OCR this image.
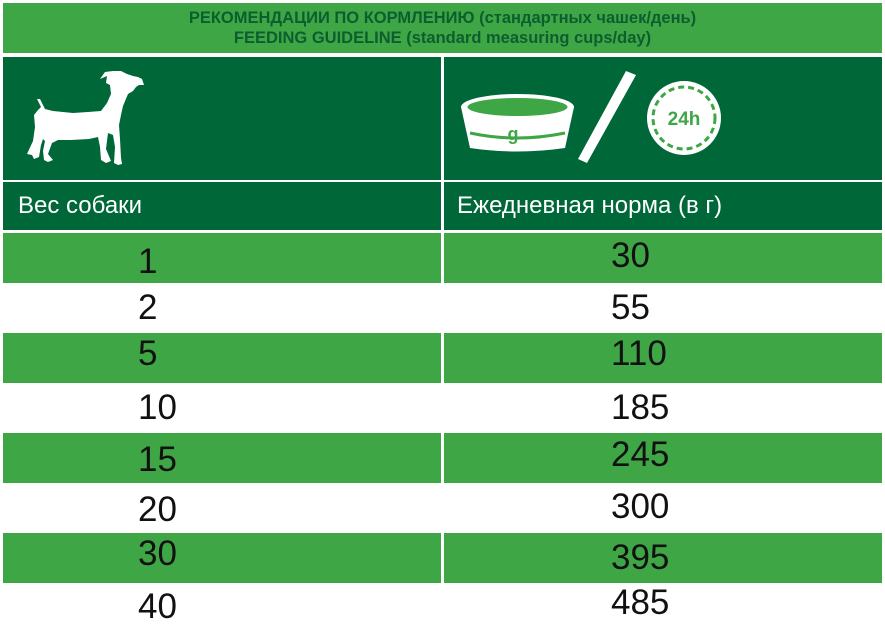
РЕКОМЕНДАЦИИ ПО КОРМЛЕНИЮ (стандартных чашек/день)
FEEDING GUIDELINE (standard measuring cups/day)
g
24h
Вес собаки	Ежедневная норма (в г)
1	30
2	55
5	110
10	185
15	245
20	300
30	395
40	485
